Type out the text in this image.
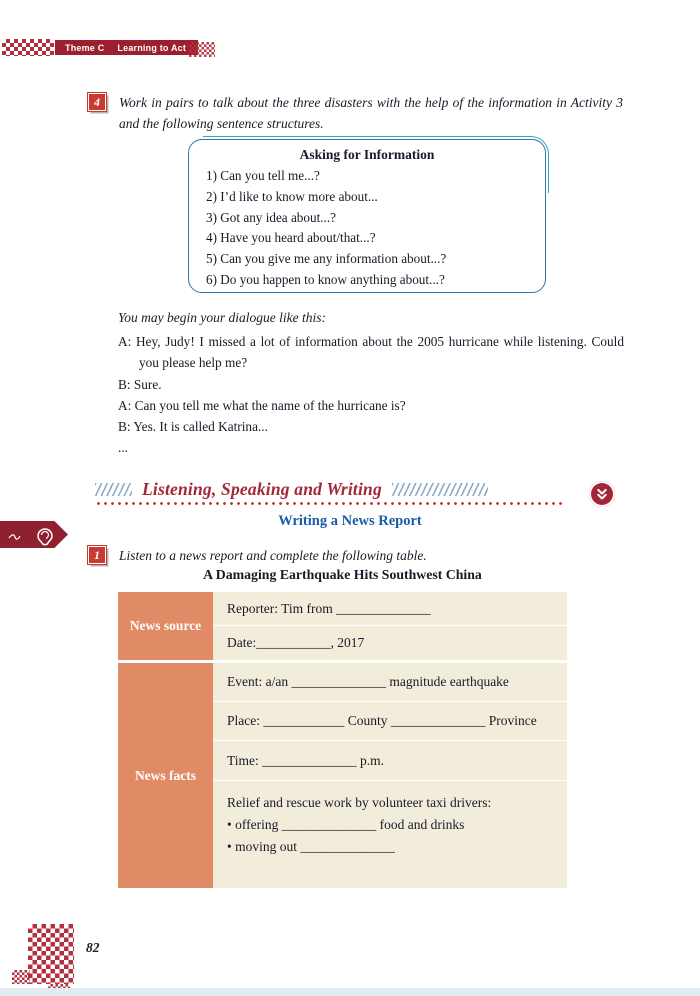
Theme C Learning to Act
4	Work in pairs to talk about the three disasters with the help of the information in Activity 3 and the following sentence structures.
Asking for Information
1) Can you tell me...?
2) I’d like to know more about...
3) Got any idea about...?
4) Have you heard about/that...?
5) Can you give me any information about...?
6) Do you happen to know anything about...?
You may begin your dialogue like this:

A: Hey, Judy! I missed a lot of information about the 2005 hurricane while listening. Could you please help me?

B: Sure.

A: Can you tell me what the name of the hurricane is?

B: Yes. It is called Katrina...

...

Listening, Speaking and Writing
Writing a News Report
1	Listen to a news report and complete the following table.
A Damaging Earthquake Hits Southwest China
News source
Reporter: Tim from ______________
Date:___________, 2017
News facts
Event: a/an ______________ magnitude earthquake
Place: ____________ County ______________ Province
Time: ______________ p.m.
Relief and rescue work by volunteer taxi drivers:
• offering ______________ food and drinks
• moving out ______________
82
